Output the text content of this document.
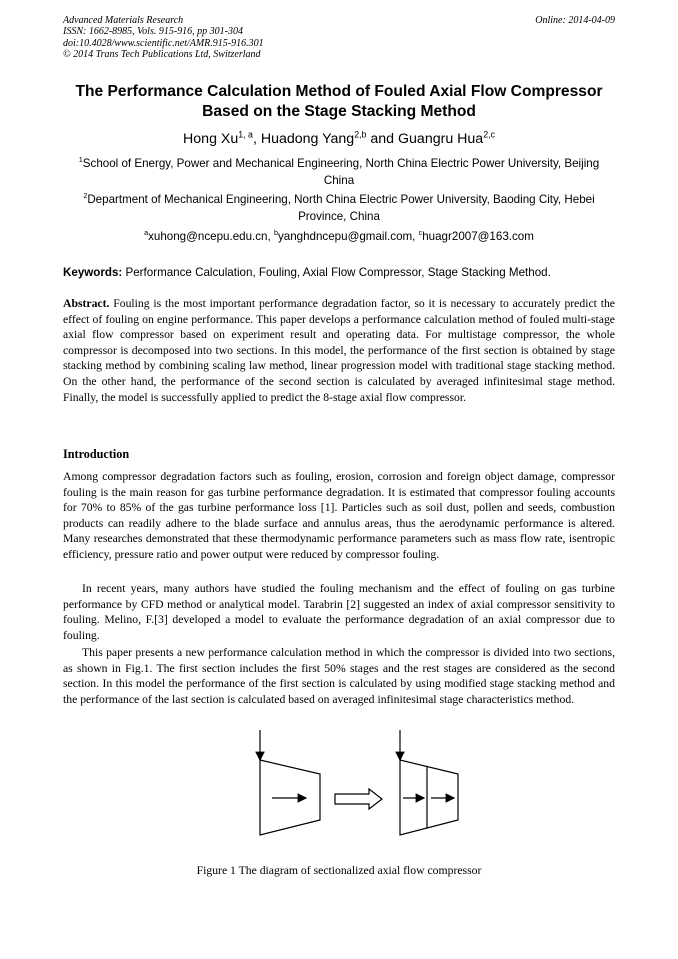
Advanced Materials Research
ISSN: 1662-8985, Vols. 915-916, pp 301-304
doi:10.4028/www.scientific.net/AMR.915-916.301
© 2014 Trans Tech Publications Ltd, Switzerland
Online: 2014-04-09
The Performance Calculation Method of Fouled Axial Flow Compressor
Based on the Stage Stacking Method
Hong Xu$^{1, a}$, Huadong Yang$^{2,b}$ and Guangru Hua$^{2,c}$
$^1$School of Energy, Power and Mechanical Engineering, North China Electric Power University, Beijing China
$^2$Department of Mechanical Engineering, North China Electric Power University, Baoding City, Hebei Province, China
$^a$xuhong@ncepu.edu.cn, $^b$yanghdncepu@gmail.com, $^c$huagr2007@163.com
Keywords: Performance Calculation, Fouling, Axial Flow Compressor, Stage Stacking Method.
Abstract. Fouling is the most important performance degradation factor, so it is necessary to accurately predict the effect of fouling on engine performance. This paper develops a performance calculation method of fouled multi-stage axial flow compressor based on experiment result and operating data. For multistage compressor, the whole compressor is decomposed into two sections. In this model, the performance of the first section is obtained by stage stacking method by combining scaling law method, linear progression model with traditional stage stacking method. On the other hand, the performance of the second section is calculated by averaged infinitesimal stage method. Finally, the model is successfully applied to predict the 8-stage axial flow compressor.
Introduction
Among compressor degradation factors such as fouling, erosion, corrosion and foreign object damage, compressor fouling is the main reason for gas turbine performance degradation. It is estimated that compressor fouling accounts for 70% to 85% of the gas turbine performance loss [1]. Particles such as soil dust, pollen and seeds, combustion products can readily adhere to the blade surface and annulus areas, thus the aerodynamic performance is altered. Many researches demonstrated that these thermodynamic performance parameters such as mass flow rate, isentropic efficiency, pressure ratio and power output were reduced by compressor fouling.
In recent years, many authors have studied the fouling mechanism and the effect of fouling on gas turbine performance by CFD method or analytical model. Tarabrin [2] suggested an index of axial compressor sensitivity to fouling. Melino, F.[3] developed a model to evaluate the performance degradation of an axial compressor due to fouling.
This paper presents a new performance calculation method in which the compressor is divided into two sections, as shown in Fig.1. The first section includes the first 50% stages and the rest stages are considered as the second section. In this model the performance of the first section is calculated by using modified stage stacking method and the performance of the last section is calculated based on averaged infinitesimal stage characteristics method.
Figure 1 The diagram of sectionalized axial flow compressor
